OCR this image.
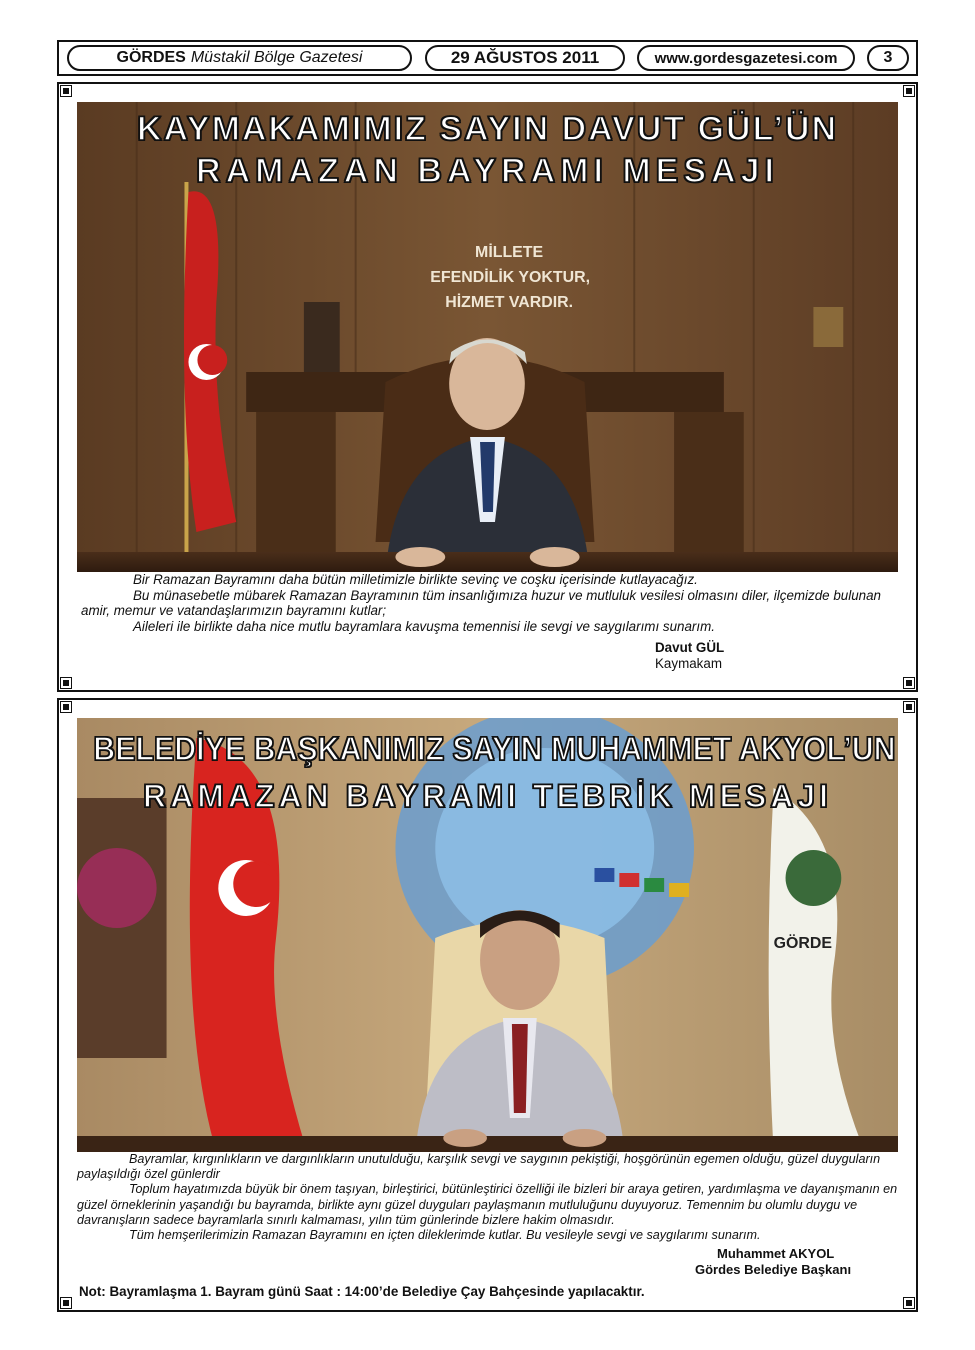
GÖRDES Müstakil Bölge Gazetesi	29 AĞUSTOS 2011	www.gordesgazetesi.com	3
MİLLETE
EFENDİLİK YOKTUR,
HİZMET VARDIR.
KAYMAKAMIMIZ SAYIN DAVUT GÜL’ÜN
RAMAZAN BAYRAMI MESAJI

Bir Ramazan Bayramını daha bütün milletimizle birlikte sevinç ve coşku içerisinde kutlayacağız.

Bu münasebetle mübarek Ramazan Bayramının tüm insanlığımıza huzur ve mutluluk vesilesi olmasını diler, ilçemizde bulunan amir, memur ve vatandaşlarımızın bayramını kutlar;

Aileleri ile birlikte daha nice mutlu bayramlara kavuşma temennisi ile sevgi ve saygılarımı sunarım.

Davut GÜL
Kaymakam
GÖRDE
BELEDİYE BAŞKANIMIZ SAYIN MUHAMMET AKYOL’UN
RAMAZAN BAYRAMI TEBRİK MESAJI

Bayramlar, kırgınlıkların ve dargınlıkların unutulduğu, karşılık sevgi ve saygının pekiştiği, hoşgörünün egemen olduğu, güzel duyguların paylaşıldığı özel günlerdir

Toplum hayatımızda büyük bir önem taşıyan, birleştirici, bütünleştirici özelliği ile bizleri bir araya getiren, yardımlaşma ve dayanışmanın en güzel örneklerinin yaşandığı bu bayramda, birlikte aynı güzel duyguları paylaşmanın mutluluğunu duyuyoruz. Temennim bu olumlu duygu ve davranışların sadece bayramlarla sınırlı kalmaması, yılın tüm günlerinde bizlere hakim olmasıdır.

Tüm hemşerilerimizin Ramazan Bayramını en içten dileklerimde kutlar. Bu vesileyle sevgi ve saygılarımı sunarım.

Muhammet AKYOL
Gördes Belediye Başkanı
Not: Bayramlaşma 1. Bayram günü Saat : 14:00’de Belediye Çay Bahçesinde yapılacaktır.
